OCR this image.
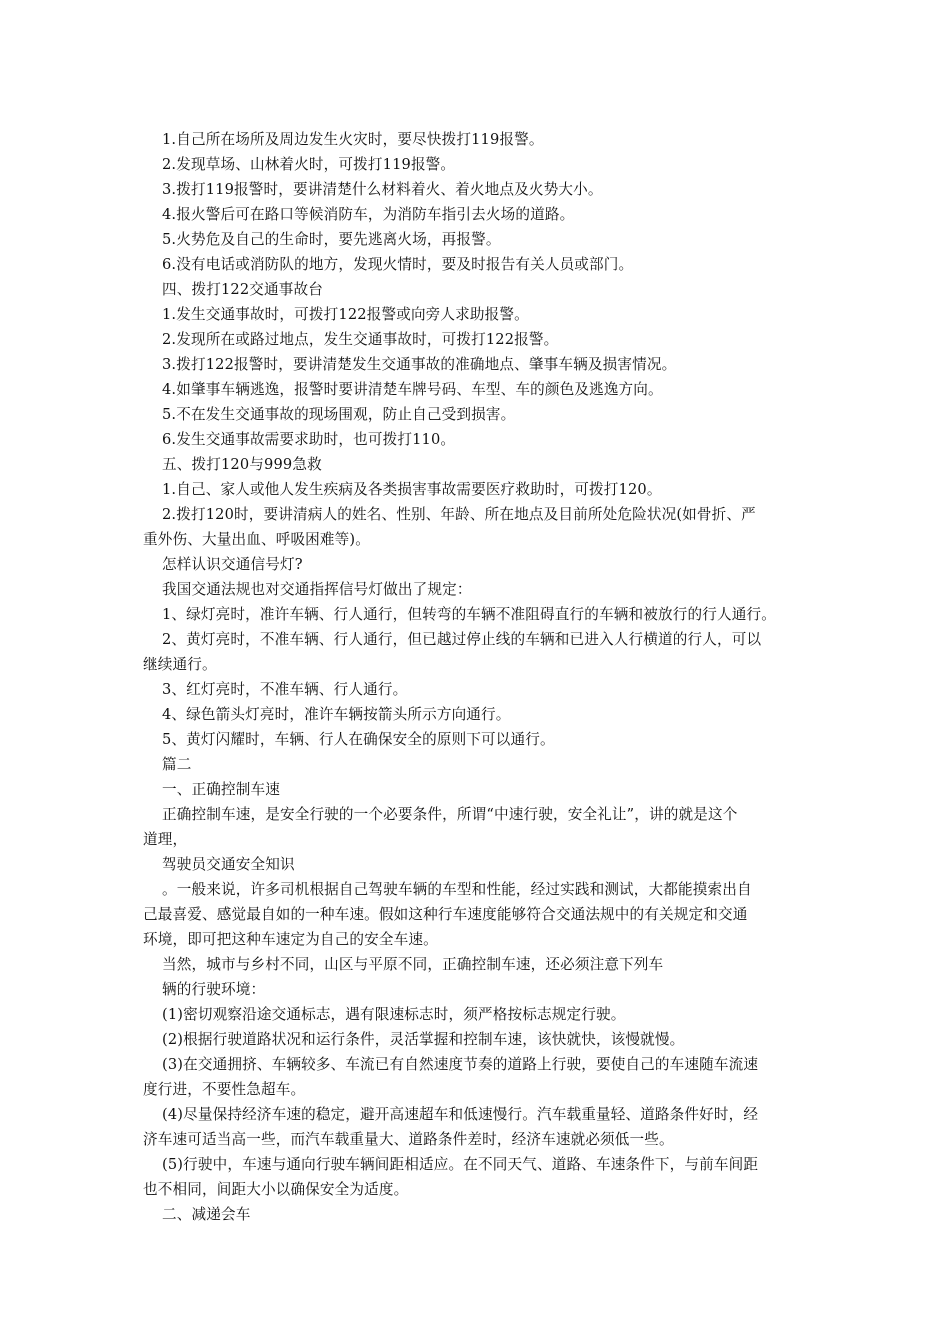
1.自己所在场所及周边发生火灾时，要尽快拨打119报警。
2.发现草场、山林着火时，可拨打119报警。
3.拨打119报警时，要讲清楚什么材料着火、着火地点及火势大小。
4.报火警后可在路口等候消防车，为消防车指引去火场的道路。
5.火势危及自己的生命时，要先逃离火场，再报警。
6.没有电话或消防队的地方，发现火情时，要及时报告有关人员或部门。
四、拨打122交通事故台
1.发生交通事故时，可拨打122报警或向旁人求助报警。
2.发现所在或路过地点，发生交通事故时，可拨打122报警。
3.拨打122报警时，要讲清楚发生交通事故的准确地点、肇事车辆及损害情况。
4.如肇事车辆逃逸，报警时要讲清楚车牌号码、车型、车的颜色及逃逸方向。
5.不在发生交通事故的现场围观，防止自己受到损害。
6.发生交通事故需要求助时，也可拨打110。
五、拨打120与999急救
1.自己、家人或他人发生疾病及各类损害事故需要医疗救助时，可拨打120。
2.拨打120时，要讲清病人的姓名、性别、年龄、所在地点及目前所处危险状况(如骨折、严
重外伤、大量出血、呼吸困难等)。
怎样认识交通信号灯?
我国交通法规也对交通指挥信号灯做出了规定：
1、绿灯亮时，准许车辆、行人通行，但转弯的车辆不准阻碍直行的车辆和被放行的行人通行。
2、黄灯亮时，不准车辆、行人通行，但已越过停止线的车辆和已进入人行横道的行人，可以
继续通行。
3、红灯亮时，不准车辆、行人通行。
4、绿色箭头灯亮时，准许车辆按箭头所示方向通行。
5、黄灯闪耀时，车辆、行人在确保安全的原则下可以通行。
篇二
一、正确控制车速
正确控制车速，是安全行驶的一个必要条件，所谓“中速行驶，安全礼让”，讲的就是这个
道理，
驾驶员交通安全知识
。一般来说，许多司机根据自己驾驶车辆的车型和性能，经过实践和测试，大都能摸索出自
己最喜爱、感觉最自如的一种车速。假如这种行车速度能够符合交通法规中的有关规定和交通
环境，即可把这种车速定为自己的安全车速。
当然，城市与乡村不同，山区与平原不同，正确控制车速，还必须注意下列车
辆的行驶环境：
(1)密切观察沿途交通标志，遇有限速标志时，须严格按标志规定行驶。
(2)根据行驶道路状况和运行条件，灵活掌握和控制车速，该快就快，该慢就慢。
(3)在交通拥挤、车辆较多、车流已有自然速度节奏的道路上行驶，要使自己的车速随车流速
度行进，不要性急超车。
(4)尽量保持经济车速的稳定，避开高速超车和低速慢行。汽车载重量轻、道路条件好时，经
济车速可适当高一些，而汽车载重量大、道路条件差时，经济车速就必须低一些。
(5)行驶中，车速与通向行驶车辆间距相适应。在不同天气、道路、车速条件下，与前车间距
也不相同，间距大小以确保安全为适度。
二、减递会车
